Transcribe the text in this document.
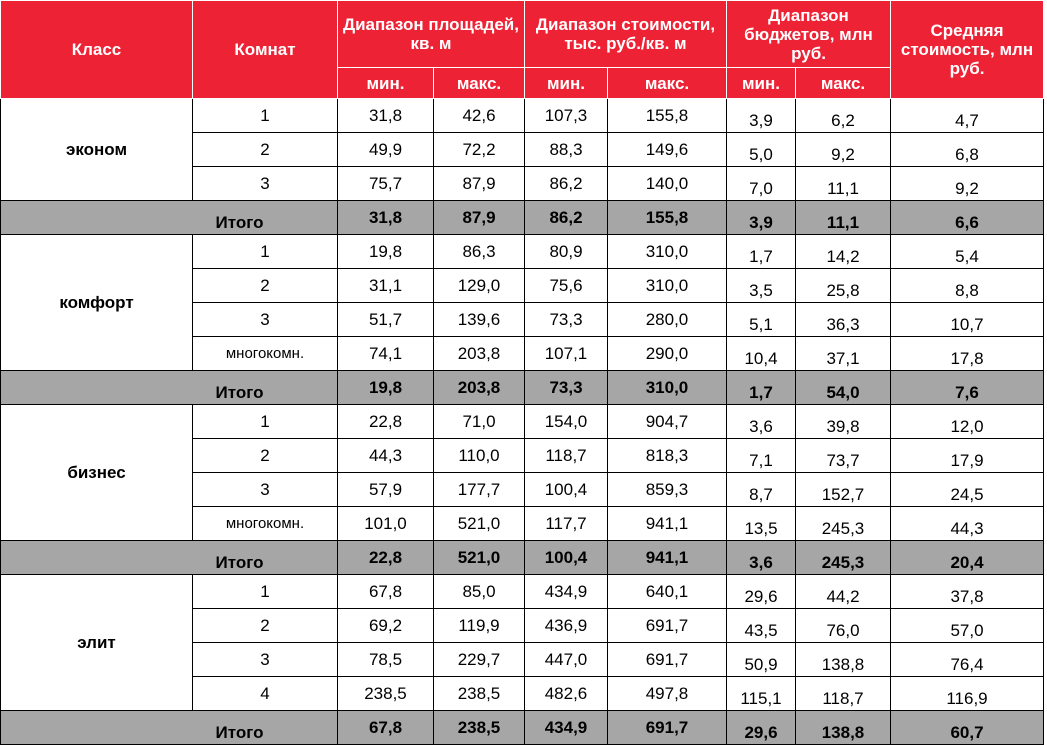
Класс	Комнат	Диапазон площадей, кв. м		Диапазон стоимости, тыс. руб./кв. м		Диапазон бюджетов, млн руб.		Средняя стоимость, млн руб.
		мин.	макс.	мин.	макс.	мин.	макс.	
эконом	1	31,8	42,6	107,3	155,8	3,9	6,2	4,7
	2	49,9	72,2	88,3	149,6	5,0	9,2	6,8
	3	75,7	87,9	86,2	140,0	7,0	11,1	9,2
Итого		31,8	87,9	86,2	155,8	3,9	11,1	6,6
комфорт	1	19,8	86,3	80,9	310,0	1,7	14,2	5,4
	2	31,1	129,0	75,6	310,0	3,5	25,8	8,8
	3	51,7	139,6	73,3	280,0	5,1	36,3	10,7
	многокомн.	74,1	203,8	107,1	290,0	10,4	37,1	17,8
Итого		19,8	203,8	73,3	310,0	1,7	54,0	7,6
бизнес	1	22,8	71,0	154,0	904,7	3,6	39,8	12,0
	2	44,3	110,0	118,7	818,3	7,1	73,7	17,9
	3	57,9	177,7	100,4	859,3	8,7	152,7	24,5
	многокомн.	101,0	521,0	117,7	941,1	13,5	245,3	44,3
Итого		22,8	521,0	100,4	941,1	3,6	245,3	20,4
элит	1	67,8	85,0	434,9	640,1	29,6	44,2	37,8
	2	69,2	119,9	436,9	691,7	43,5	76,0	57,0
	3	78,5	229,7	447,0	691,7	50,9	138,8	76,4
	4	238,5	238,5	482,6	497,8	115,1	118,7	116,9
Итого		67,8	238,5	434,9	691,7	29,6	138,8	60,7
